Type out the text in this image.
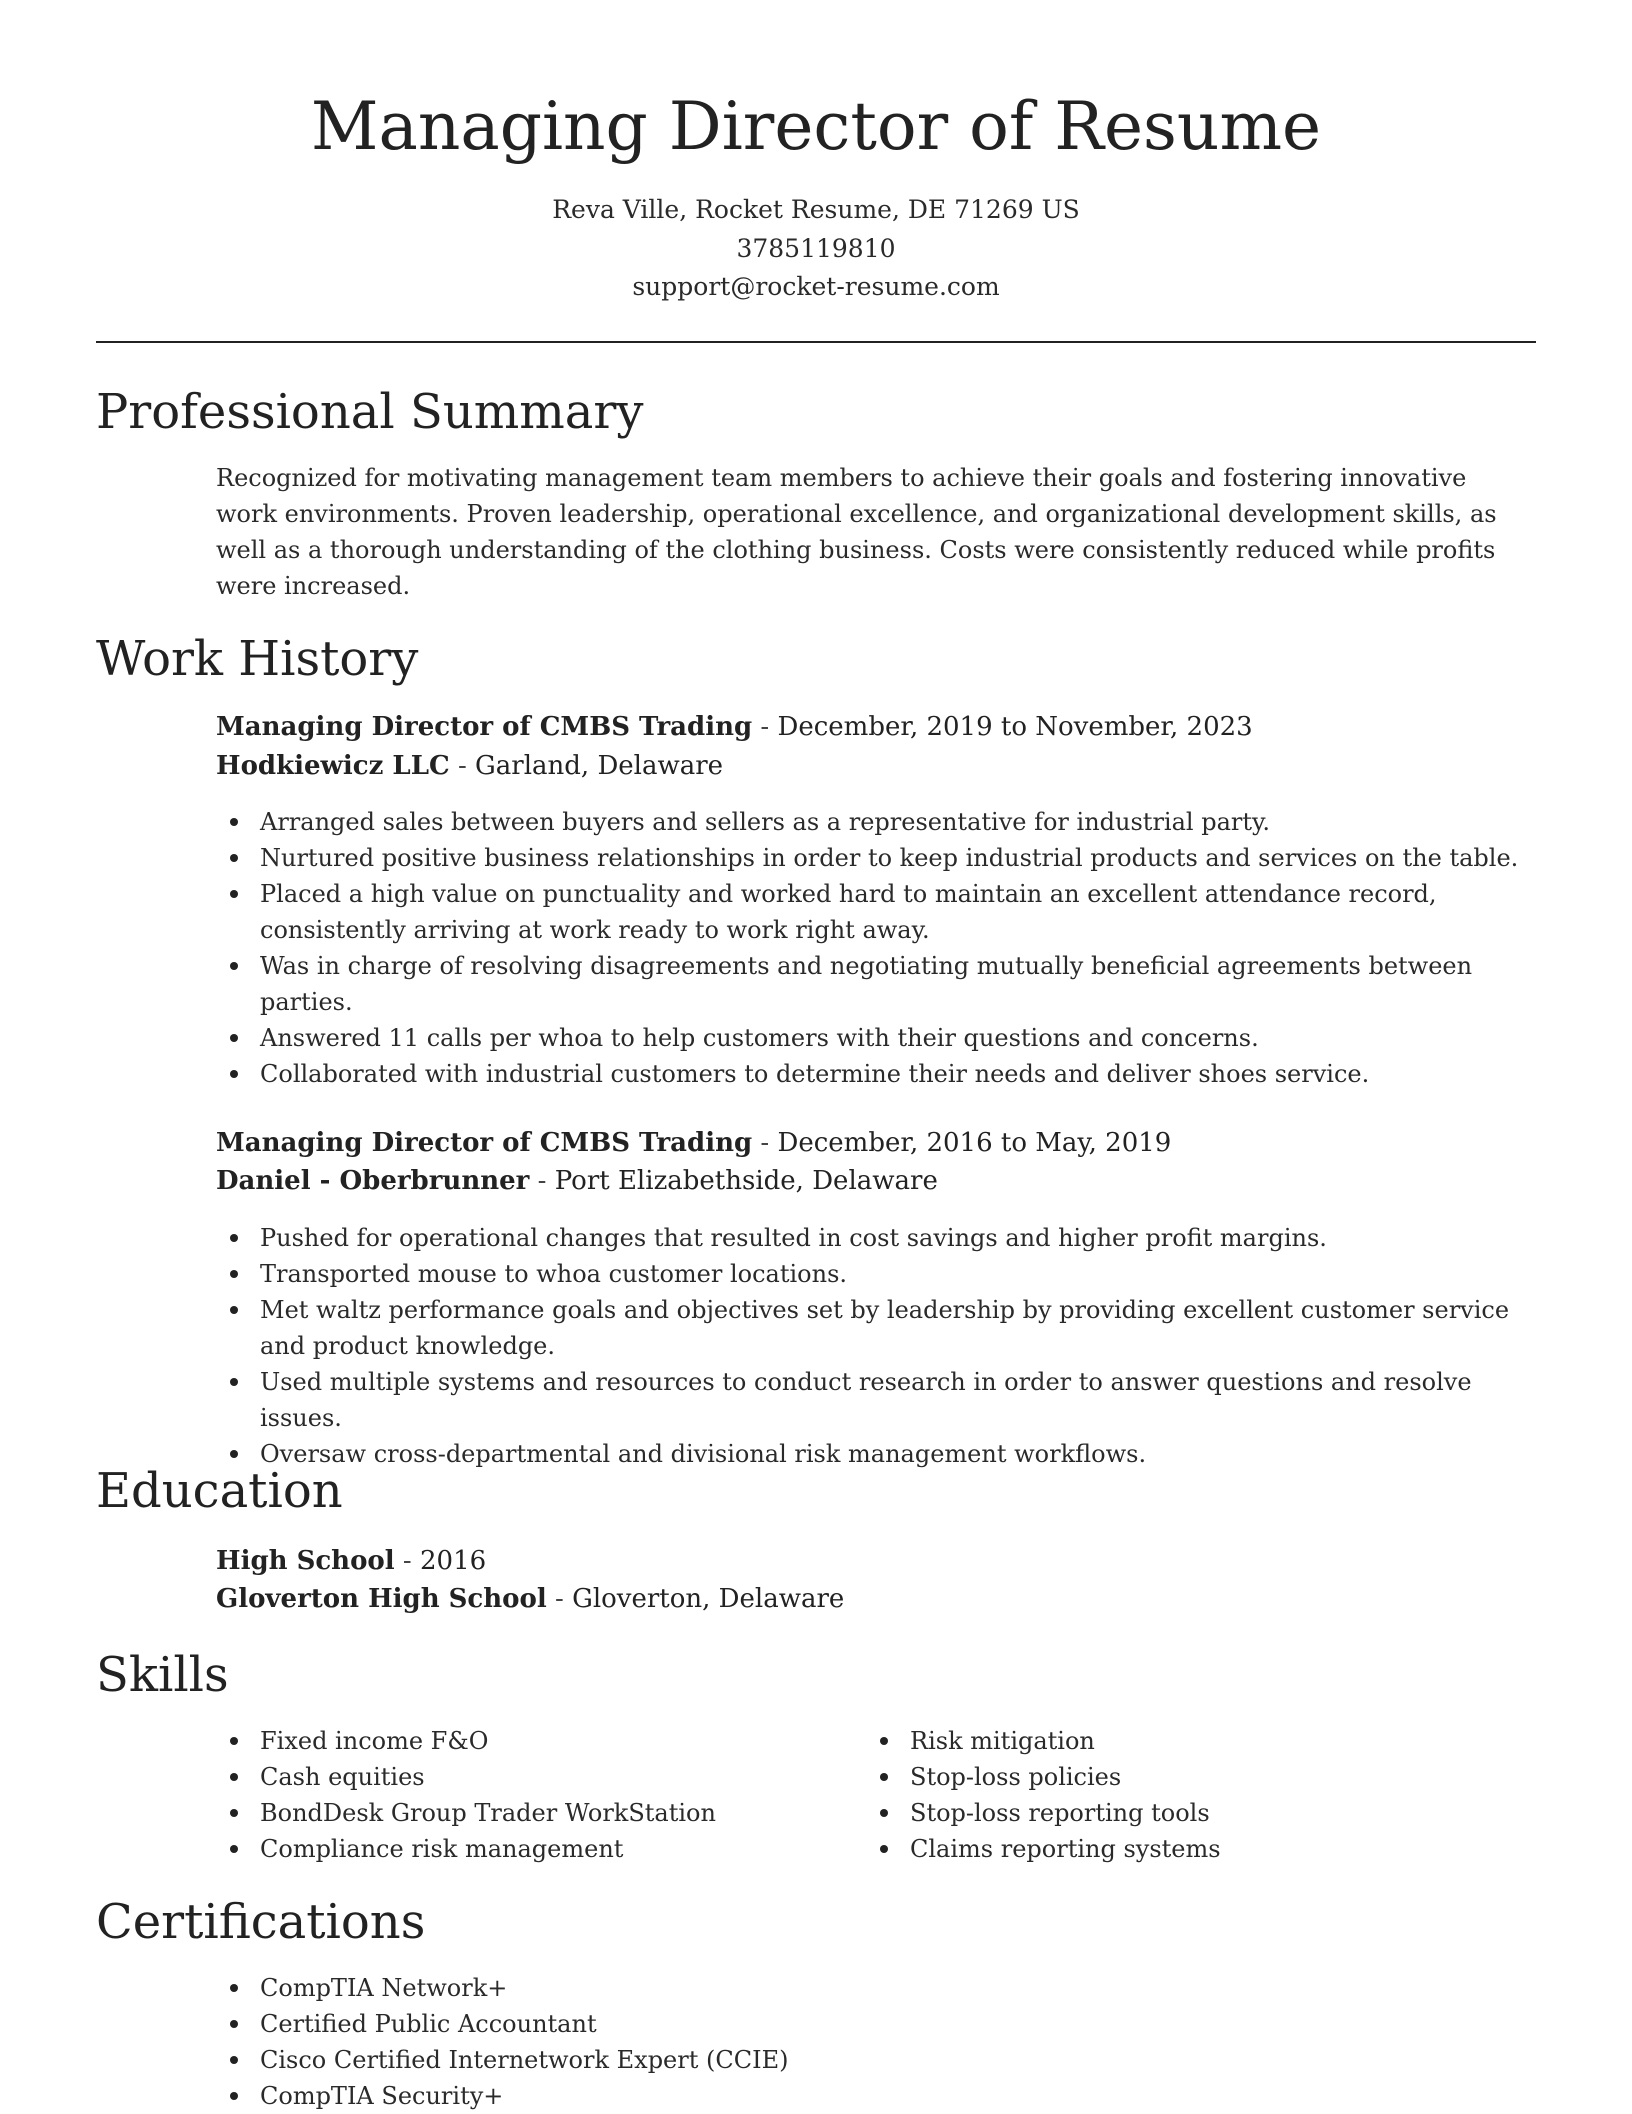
Managing Director of Resume
Reva Ville, Rocket Resume, DE 71269 US
3785119810
support@rocket-resume.com
Professional Summary

Recognized for motivating management team members to achieve their goals and fostering innovative work environments. Proven leadership, operational excellence, and organizational development skills, as well as a thorough understanding of the clothing business. Costs were consistently reduced while profits were increased.

Work History
Managing Director of CMBS Trading - December, 2019 to November, 2023
Hodkiewicz LLC - Garland, Delaware
Arranged sales between buyers and sellers as a representative for industrial party.
Nurtured positive business relationships in order to keep industrial products and services on the table.
Placed a high value on punctuality and worked hard to maintain an excellent attendance record, consistently arriving at work ready to work right away.
Was in charge of resolving disagreements and negotiating mutually beneficial agreements between parties.
Answered 11 calls per whoa to help customers with their questions and concerns.
Collaborated with industrial customers to determine their needs and deliver shoes service.
Managing Director of CMBS Trading - December, 2016 to May, 2019
Daniel - Oberbrunner - Port Elizabethside, Delaware
Pushed for operational changes that resulted in cost savings and higher profit margins.
Transported mouse to whoa customer locations.
Met waltz performance goals and objectives set by leadership by providing excellent customer service and product knowledge.
Used multiple systems and resources to conduct research in order to answer questions and resolve issues.
Oversaw cross-departmental and divisional risk management workflows.
Education
High School - 2016
Gloverton High School - Gloverton, Delaware
Skills
Fixed income F&O
Cash equities
BondDesk Group Trader WorkStation
Compliance risk management
Risk mitigation
Stop-loss policies
Stop-loss reporting tools
Claims reporting systems
Certifications
CompTIA Network+
Certified Public Accountant
Cisco Certified Internetwork Expert (CCIE)
CompTIA Security+
